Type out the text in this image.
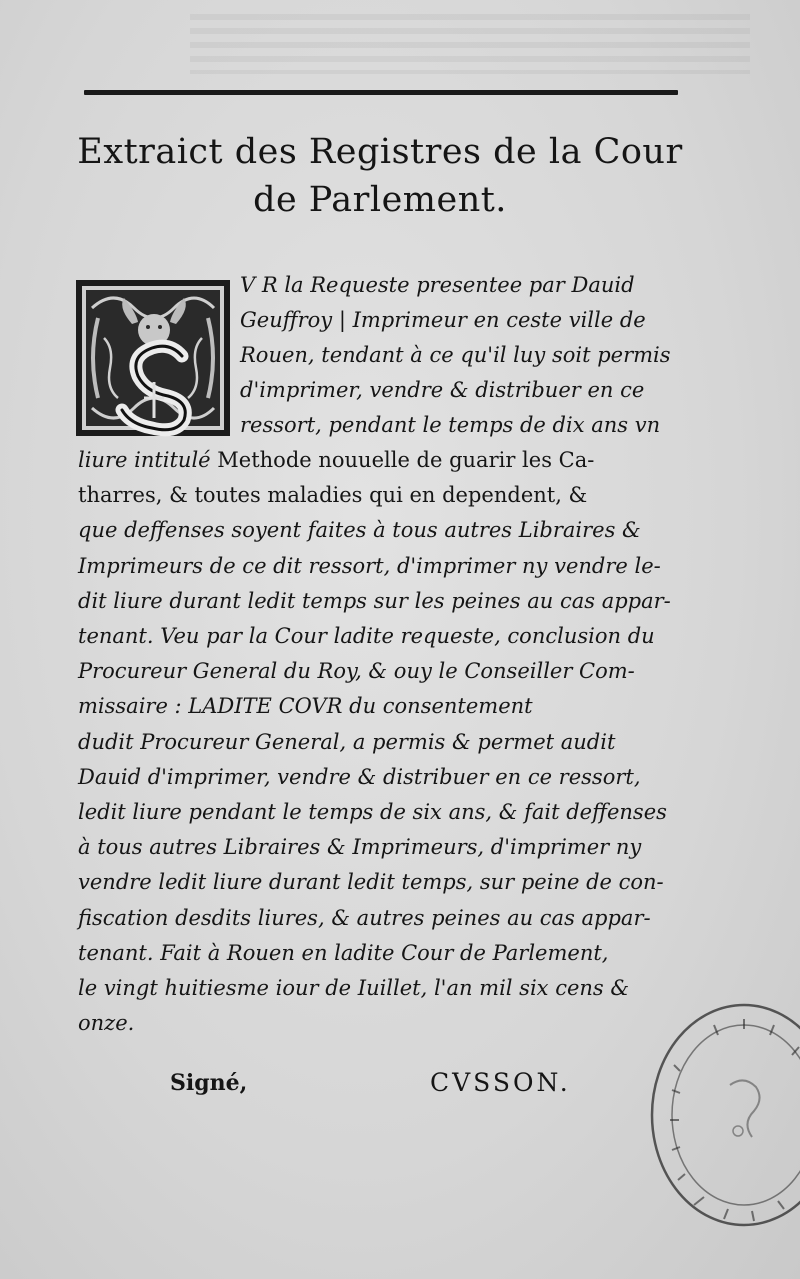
Extraict des Registres de la Cour
de Parlement.
V R la Requeste presentee par Dauid
Geuffroy | Imprimeur en ceste ville de
Rouen, tendant à ce qu'il luy soit permis
d'imprimer, vendre & distribuer en ce
ressort, pendant le temps de dix ans vn
liure intitulé Methode nouuelle de guarir les Ca-
tharres, & toutes maladies qui en dependent, &
que deffenses soyent faites à tous autres Libraires &
Imprimeurs de ce dit ressort, d'imprimer ny vendre le-
dit liure durant ledit temps sur les peines au cas appar-
tenant. Veu par la Cour ladite requeste, conclusion du
Procureur General du Roy, & ouy le Conseiller Com-
missaire : LADITE COVR du consentement
dudit Procureur General, a permis & permet audit
Dauid d'imprimer, vendre & distribuer en ce ressort,
ledit liure pendant le temps de six ans, & fait deffenses
à tous autres Libraires & Imprimeurs, d'imprimer ny
vendre ledit liure durant ledit temps, sur peine de con-
fiscation desdits liures, & autres peines au cas appar-
tenant. Fait à Rouen en ladite Cour de Parlement,
le vingt huitiesme iour de Iuillet, l'an mil six cens &
onze.
Signé,	CVSSON.
